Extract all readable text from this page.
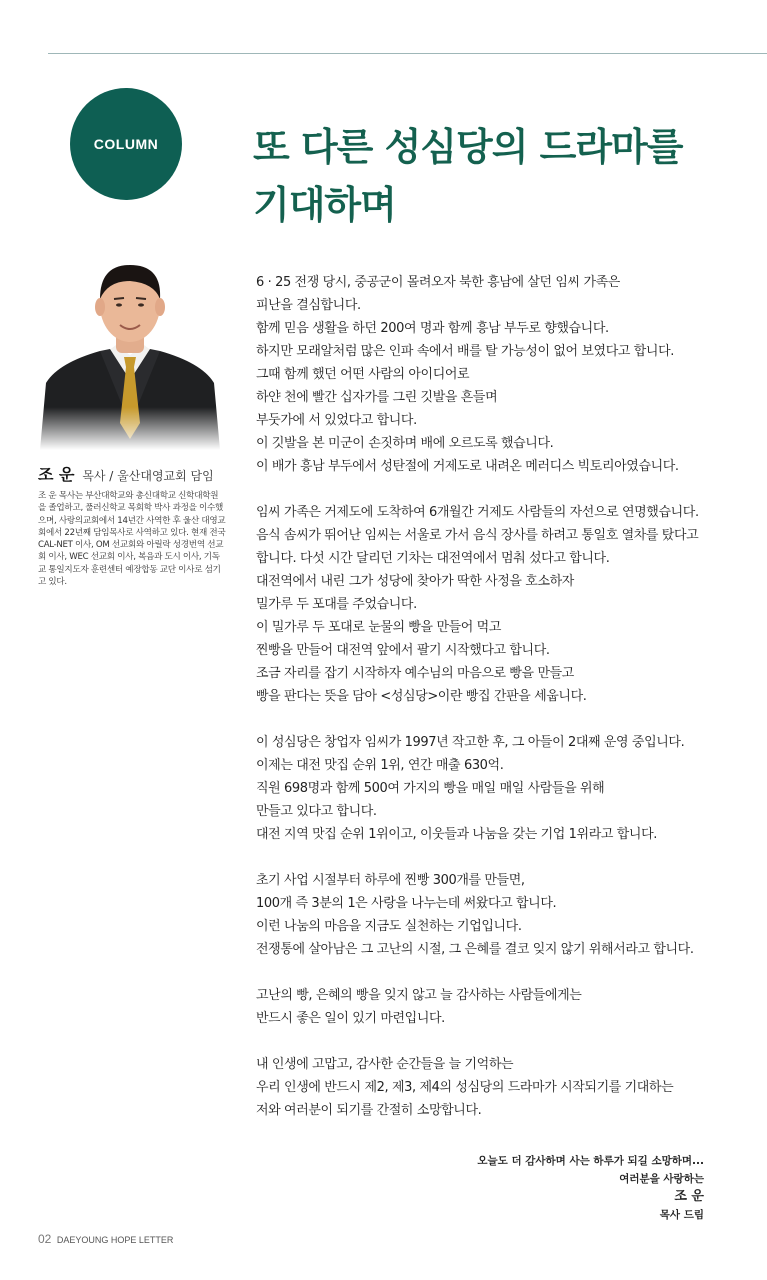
COLUMN 또 다른 성심당의 드라마를
기대하며
조 운 목사 / 울산대영교회 담임

조 운 목사는 부산대학교와 총신대학교 신학대학원을 졸업하고, 풀러신학교 목회학 박사 과정을 이수했으며, 사랑의교회에서 14년간 사역한 후 울산 대영교회에서 22년째 담임목사로 사역하고 있다. 현재 전국 CAL-NET 이사, OM 선교회와 아릴락 성경번역 선교회 이사, WEC 선교회 이사, 복음과 도시 이사, 기독교 통일지도자 훈련센터 예장합동 교단 이사로 섬기고 있다.

6 · 25 전쟁 당시, 중공군이 몰려오자 북한 흥남에 살던 임씨 가족은
피난을 결심합니다.
함께 믿음 생활을 하던 200여 명과 함께 흥남 부두로 향했습니다.
하지만 모래알처럼 많은 인파 속에서 배를 탈 가능성이 없어 보였다고 합니다.
그때 함께 했던 어떤 사람의 아이디어로
하얀 천에 빨간 십자가를 그린 깃발을 흔들며
부둣가에 서 있었다고 합니다.
이 깃발을 본 미군이 손짓하며 배에 오르도록 했습니다.
이 배가 흥남 부두에서 성탄절에 거제도로 내려온 메러디스 빅토리아였습니다.
임씨 가족은 거제도에 도착하여 6개월간 거제도 사람들의 자선으로 연명했습니다.
음식 솜씨가 뛰어난 임씨는 서울로 가서 음식 장사를 하려고 통일호 열차를 탔다고
합니다. 다섯 시간 달리던 기차는 대전역에서 멈춰 섰다고 합니다.
대전역에서 내린 그가 성당에 찾아가 딱한 사정을 호소하자
밀가루 두 포대를 주었습니다.
이 밀가루 두 포대로 눈물의 빵을 만들어 먹고
찐빵을 만들어 대전역 앞에서 팔기 시작했다고 합니다.
조금 자리를 잡기 시작하자 예수님의 마음으로 빵을 만들고
빵을 판다는 뜻을 담아 <성심당>이란 빵집 간판을 세웁니다.
이 성심당은 창업자 임씨가 1997년 작고한 후, 그 아들이 2대째 운영 중입니다.
이제는 대전 맛집 순위 1위, 연간 매출 630억.
직원 698명과 함께 500여 가지의 빵을 매일 매일 사람들을 위해
만들고 있다고 합니다.
대전 지역 맛집 순위 1위이고, 이웃들과 나눔을 갖는 기업 1위라고 합니다.
초기 사업 시절부터 하루에 찐빵 300개를 만들면,
100개 즉 3분의 1은 사랑을 나누는데 써왔다고 합니다.
이런 나눔의 마음을 지금도 실천하는 기업입니다.
전쟁통에 살아남은 그 고난의 시절, 그 은혜를 결코 잊지 않기 위해서라고 합니다.
고난의 빵, 은혜의 빵을 잊지 않고 늘 감사하는 사람들에게는
반드시 좋은 일이 있기 마련입니다.
내 인생에 고맙고, 감사한 순간들을 늘 기억하는
우리 인생에 반드시 제2, 제3, 제4의 성심당의 드라마가 시작되기를 기대하는
저와 여러분이 되기를 간절히 소망합니다.
오늘도 더 감사하며 사는 하루가 되길 소망하며...
여러분을 사랑하는
조 운
목사 드림
02 DAEYOUNG HOPE LETTER
